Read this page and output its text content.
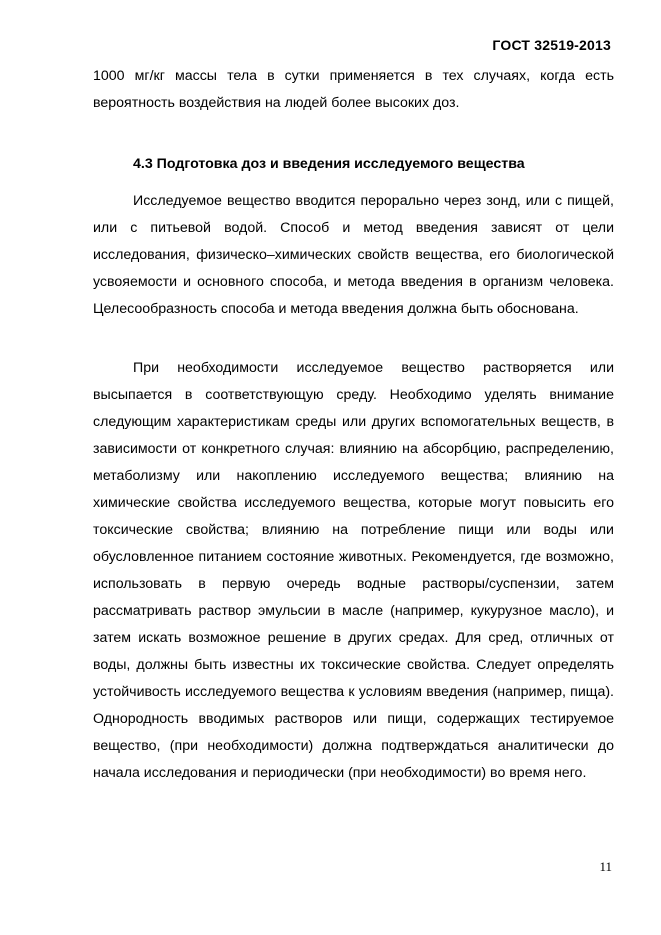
ГОСТ 32519-2013

1000 мг/кг массы тела в сутки применяется в тех случаях, когда есть вероятность воздействия на людей более высоких доз.

4.3 Подготовка доз и введения исследуемого вещества

Исследуемое вещество вводится перорально через зонд, или с пищей, или с питьевой водой. Способ и метод введения зависят от цели исследования, физическо–химических свойств вещества, его биологической усвояемости и основного способа, и метода введения в организм человека. Целесообразность способа и метода введения должна быть обоснована.

При необходимости исследуемое вещество растворяется или высыпается в соответствующую среду. Необходимо уделять внимание следующим характеристикам среды или других вспомогательных веществ, в зависимости от конкретного случая: влиянию на абсорбцию, распределению, метаболизму или накоплению исследуемого вещества; влиянию на химические свойства исследуемого вещества, которые могут повысить его токсические свойства; влиянию на потребление пищи или воды или обусловленное питанием состояние животных. Рекомендуется, где возможно, использовать в первую очередь водные растворы/суспензии, затем рассматривать раствор эмульсии в масле (например, кукурузное масло), и затем искать возможное решение в других средах. Для сред, отличных от воды, должны быть известны их токсические свойства. Следует определять устойчивость исследуемого вещества к условиям введения (например, пища). Однородность вводимых растворов или пищи, содержащих тестируемое вещество, (при необходимости) должна подтверждаться аналитически до начала исследования и периодически (при необходимости) во время него.

11
